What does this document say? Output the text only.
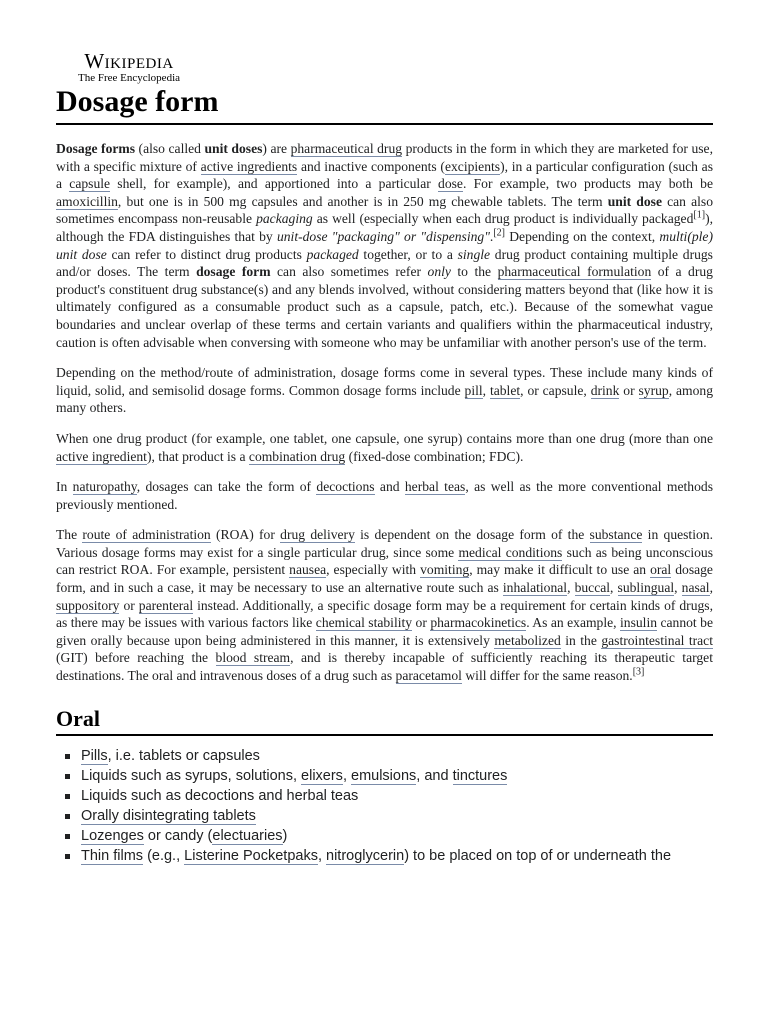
Wikipedia
The Free Encyclopedia
Dosage form

Dosage forms (also called unit doses) are pharmaceutical drug products in the form in which they are marketed for use, with a specific mixture of active ingredients and inactive components (excipients), in a particular configuration (such as a capsule shell, for example), and apportioned into a particular dose. For example, two products may both be amoxicillin, but one is in 500 mg capsules and another is in 250 mg chewable tablets. The term unit dose can also sometimes encompass non-reusable packaging as well (especially when each drug product is individually packaged[1]), although the FDA distinguishes that by unit-dose "packaging" or "dispensing".[2] Depending on the context, multi(ple) unit dose can refer to distinct drug products packaged together, or to a single drug product containing multiple drugs and/or doses. The term dosage form can also sometimes refer only to the pharmaceutical formulation of a drug product's constituent drug substance(s) and any blends involved, without considering matters beyond that (like how it is ultimately configured as a consumable product such as a capsule, patch, etc.). Because of the somewhat vague boundaries and unclear overlap of these terms and certain variants and qualifiers within the pharmaceutical industry, caution is often advisable when conversing with someone who may be unfamiliar with another person's use of the term.

Depending on the method/route of administration, dosage forms come in several types. These include many kinds of liquid, solid, and semisolid dosage forms. Common dosage forms include pill, tablet, or capsule, drink or syrup, among many others.

When one drug product (for example, one tablet, one capsule, one syrup) contains more than one drug (more than one active ingredient), that product is a combination drug (fixed-dose combination; FDC).

In naturopathy, dosages can take the form of decoctions and herbal teas, as well as the more conventional methods previously mentioned.

The route of administration (ROA) for drug delivery is dependent on the dosage form of the substance in question. Various dosage forms may exist for a single particular drug, since some medical conditions such as being unconscious can restrict ROA. For example, persistent nausea, especially with vomiting, may make it difficult to use an oral dosage form, and in such a case, it may be necessary to use an alternative route such as inhalational, buccal, sublingual, nasal, suppository or parenteral instead. Additionally, a specific dosage form may be a requirement for certain kinds of drugs, as there may be issues with various factors like chemical stability or pharmacokinetics. As an example, insulin cannot be given orally because upon being administered in this manner, it is extensively metabolized in the gastrointestinal tract (GIT) before reaching the blood stream, and is thereby incapable of sufficiently reaching its therapeutic target destinations. The oral and intravenous doses of a drug such as paracetamol will differ for the same reason.[3]

Oral
Pills, i.e. tablets or capsules
Liquids such as syrups, solutions, elixers, emulsions, and tinctures
Liquids such as decoctions and herbal teas
Orally disintegrating tablets
Lozenges or candy (electuaries)
Thin films (e.g., Listerine Pocketpaks, nitroglycerin) to be placed on top of or underneath the
